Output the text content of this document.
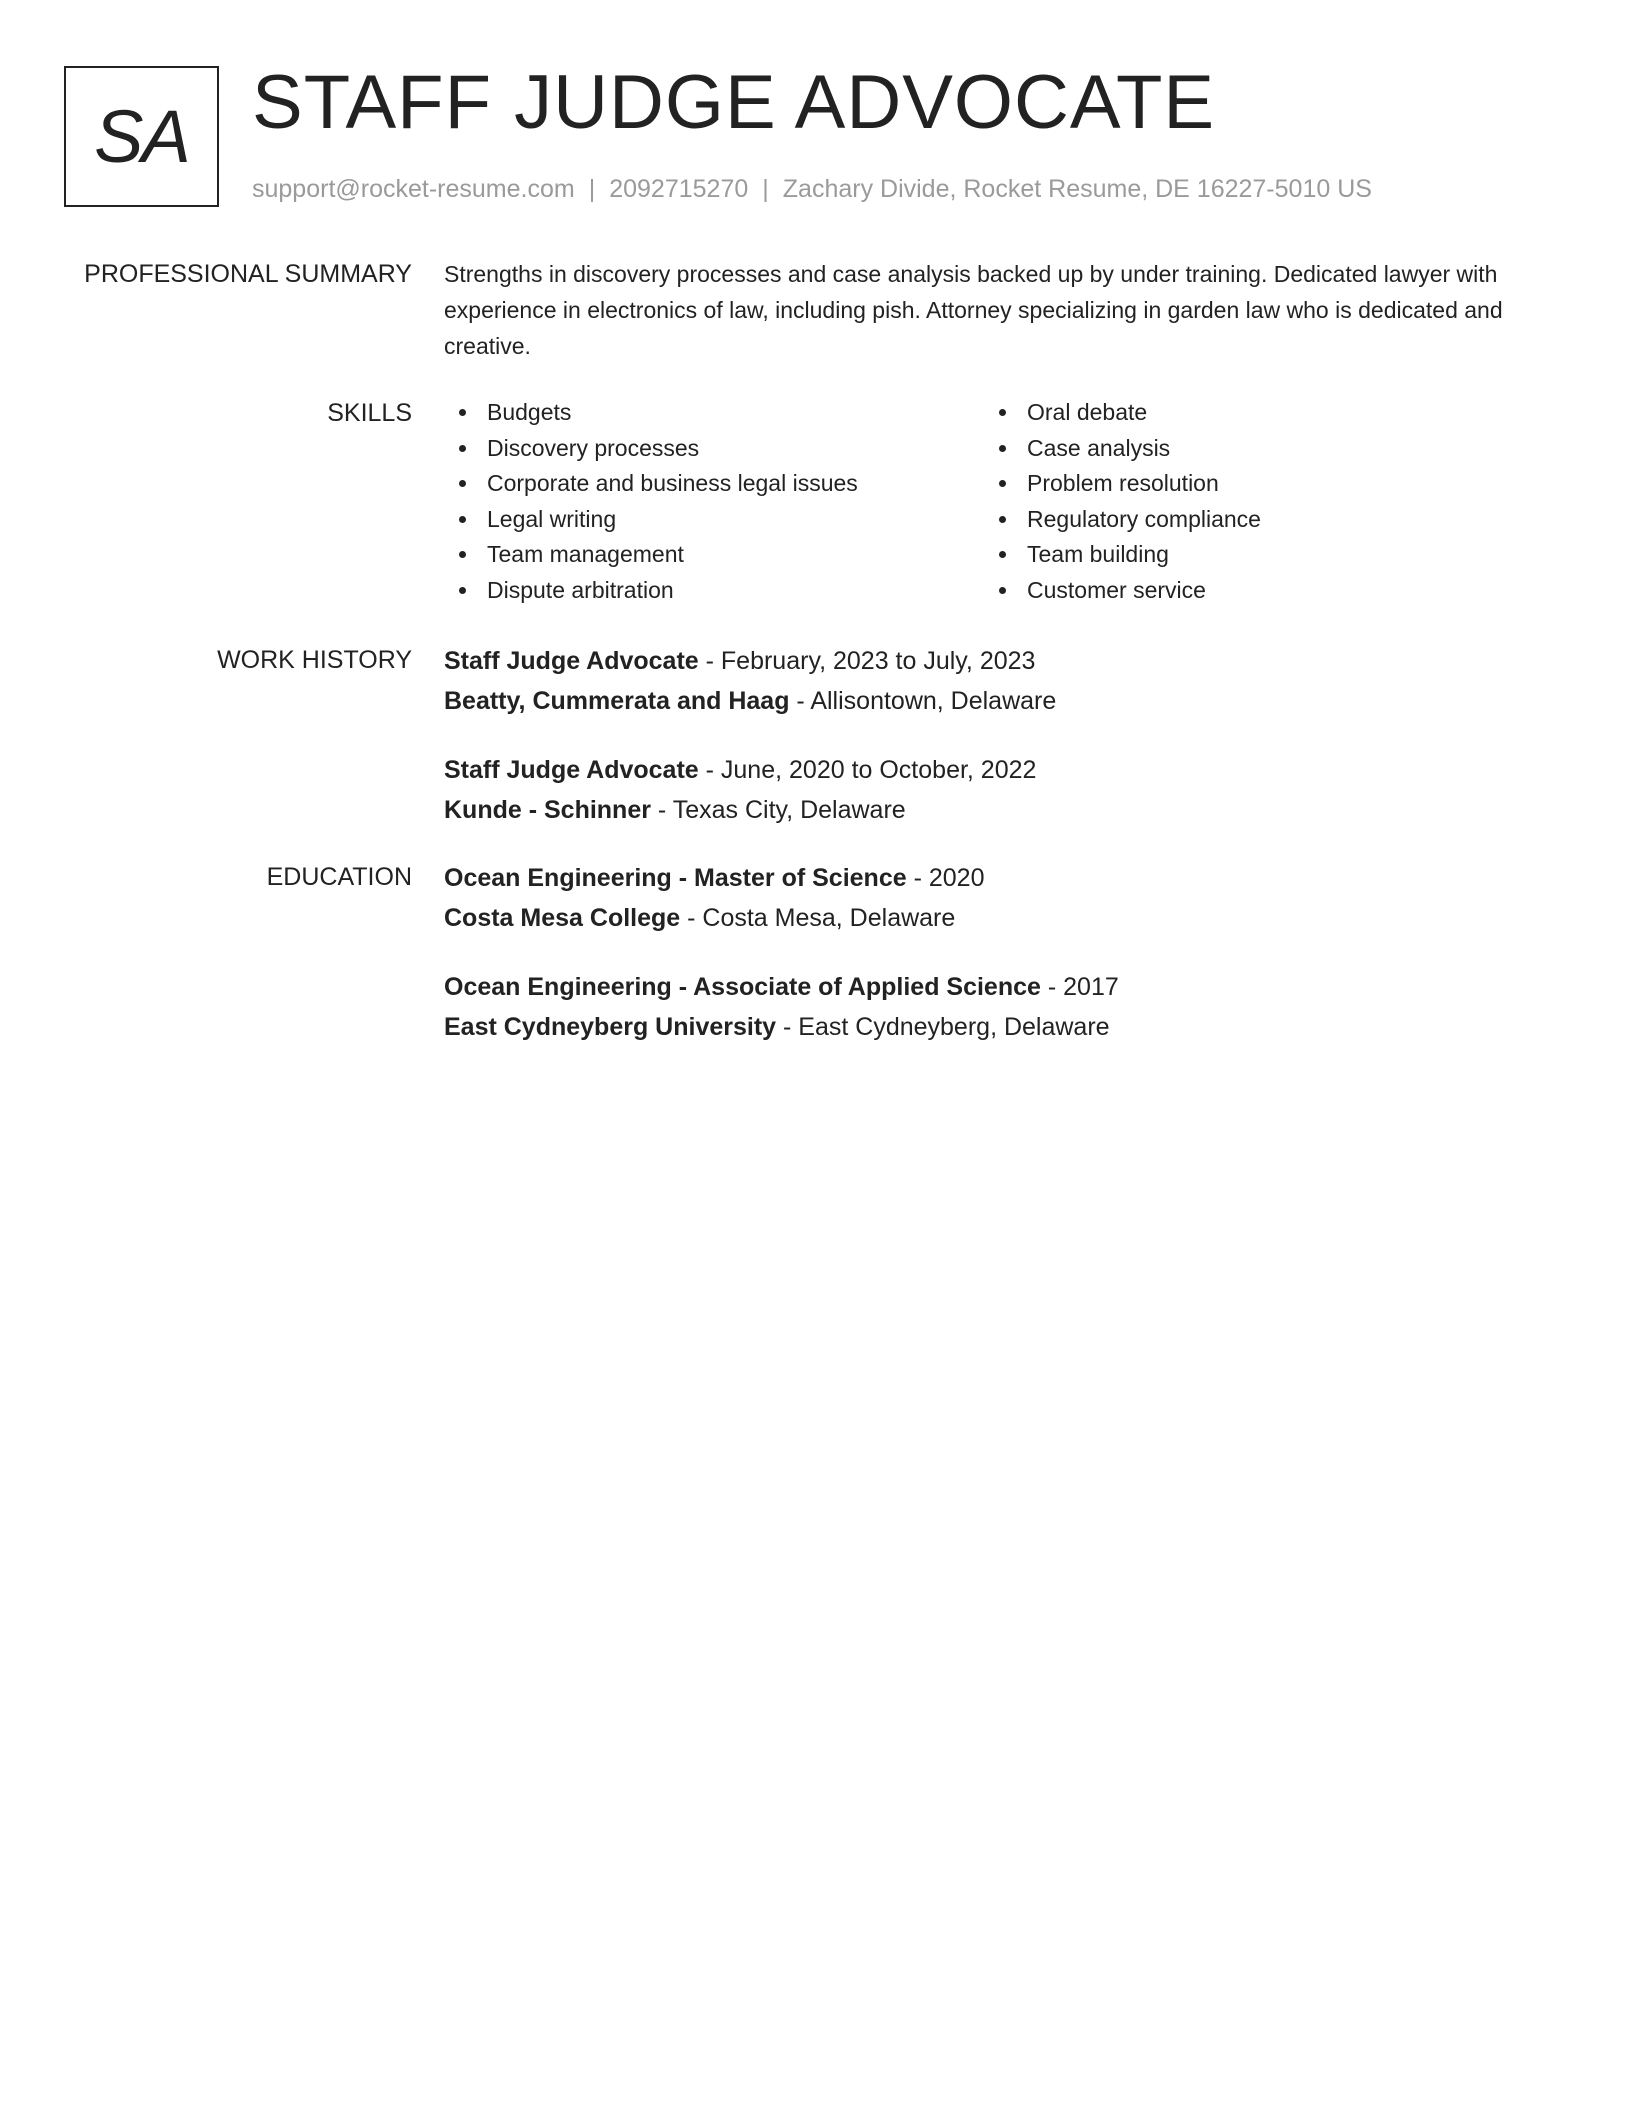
SA STAFF JUDGE ADVOCATE
support@rocket-resume.com | 2092715270 | Zachary Divide, Rocket Resume, DE 16227-5010 US
PROFESSIONAL SUMMARY Strengths in discovery processes and case analysis backed up by under training. Dedicated lawyer with experience in electronics of law, including pish. Attorney specializing in garden law who is dedicated and creative.
SKILLS	Budgets
Discovery processes
Corporate and business legal issues
Legal writing
Team management
Dispute arbitration
Oral debate
Case analysis
Problem resolution
Regulatory compliance
Team building
Customer service
WORK HISTORY Staff Judge Advocate - February, 2023 to July, 2023
Beatty, Cummerata and Haag - Allisontown, Delaware
Staff Judge Advocate - June, 2020 to October, 2022
Kunde - Schinner - Texas City, Delaware
EDUCATION Ocean Engineering - Master of Science - 2020
Costa Mesa College - Costa Mesa, Delaware
Ocean Engineering - Associate of Applied Science - 2017
East Cydneyberg University - East Cydneyberg, Delaware
